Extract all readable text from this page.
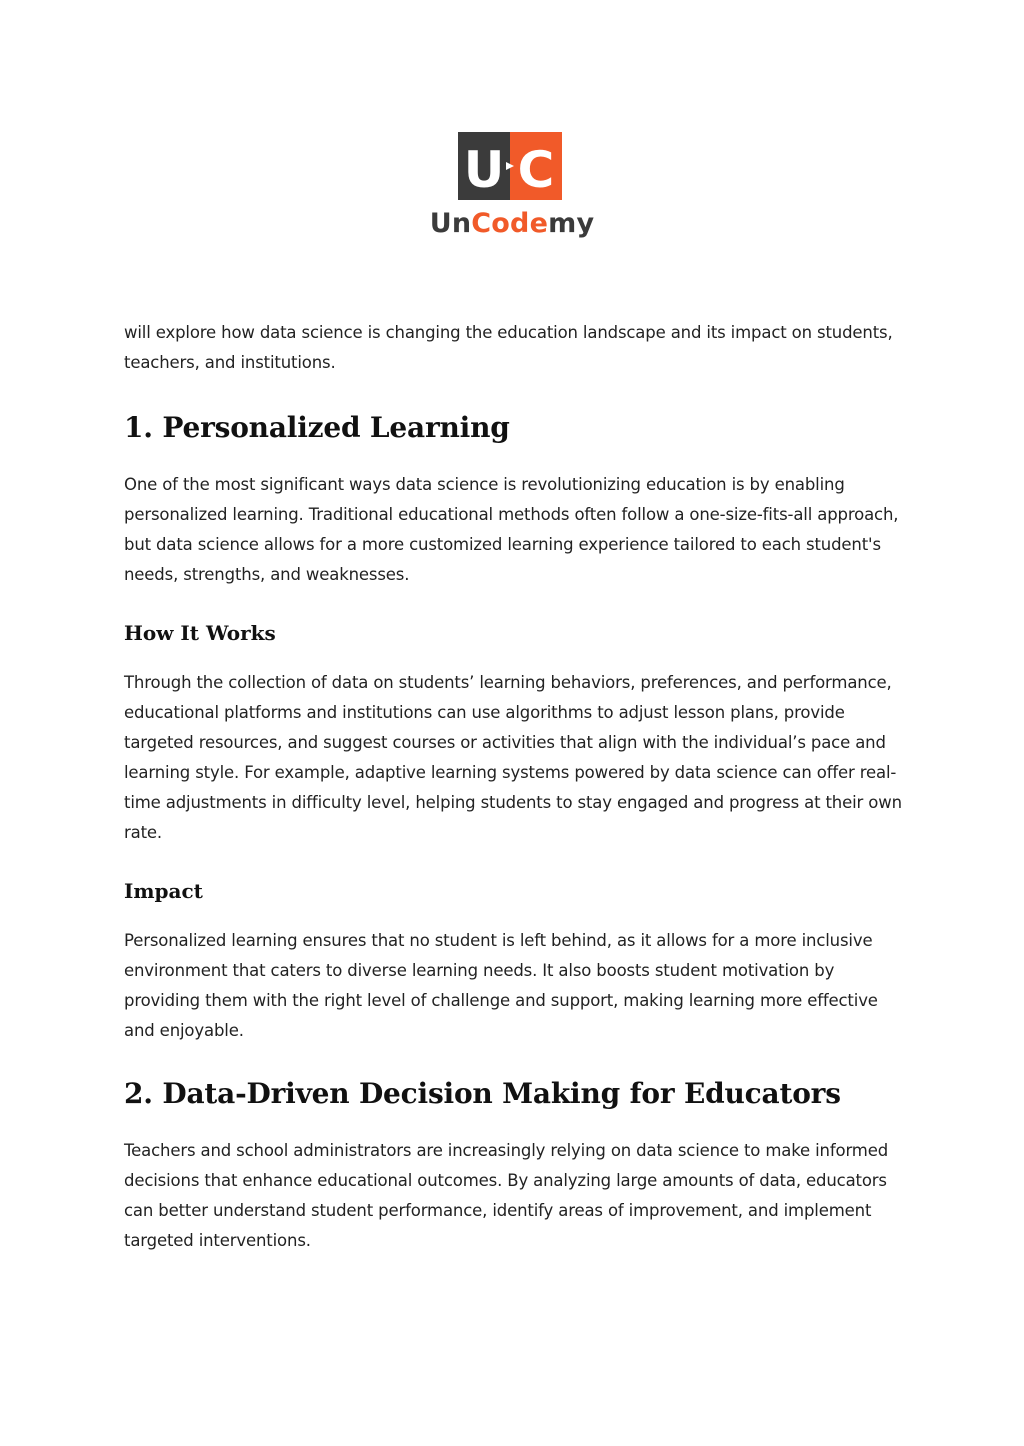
U C
UnCodemy

will explore how data science is changing the education landscape and its impact on students, teachers, and institutions.

1. Personalized Learning

One of the most significant ways data science is revolutionizing education is by enabling personalized learning. Traditional educational methods often follow a one-size-fits-all approach, but data science allows for a more customized learning experience tailored to each student's needs, strengths, and weaknesses.

How It Works

Through the collection of data on students’ learning behaviors, preferences, and performance, educational platforms and institutions can use algorithms to adjust lesson plans, provide targeted resources, and suggest courses or activities that align with the individual’s pace and learning style. For example, adaptive learning systems powered by data science can offer real-time adjustments in difficulty level, helping students to stay engaged and progress at their own rate.

Impact

Personalized learning ensures that no student is left behind, as it allows for a more inclusive environment that caters to diverse learning needs. It also boosts student motivation by providing them with the right level of challenge and support, making learning more effective and enjoyable.

2. Data-Driven Decision Making for Educators

Teachers and school administrators are increasingly relying on data science to make informed decisions that enhance educational outcomes. By analyzing large amounts of data, educators can better understand student performance, identify areas of improvement, and implement targeted interventions.
